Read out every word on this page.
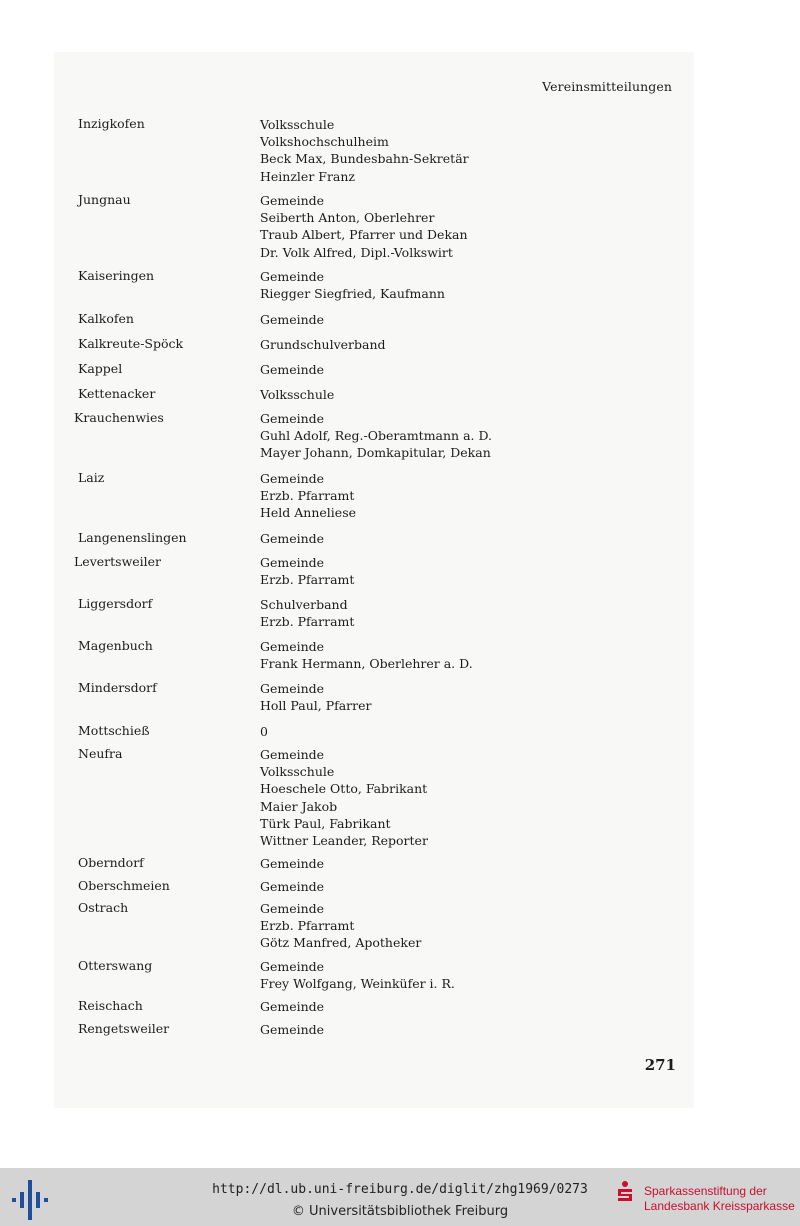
Vereinsmitteilungen
Inzigkofen	Volksschule
Volkshochschulheim
Beck Max, Bundesbahn-Sekretär
Heinzler Franz
Jungnau	Gemeinde
Seiberth Anton, Oberlehrer
Traub Albert, Pfarrer und Dekan
Dr. Volk Alfred, Dipl.-Volkswirt
Kaiseringen	Gemeinde
Riegger Siegfried, Kaufmann
Kalkofen	Gemeinde
Kalkreute-Spöck	Grundschulverband
Kappel	Gemeinde
Kettenacker	Volksschule
Krauchenwies	Gemeinde
Guhl Adolf, Reg.-Oberamtmann a. D.
Mayer Johann, Domkapitular, Dekan
Laiz	Gemeinde
Erzb. Pfarramt
Held Anneliese
Langenenslingen	Gemeinde
Levertsweiler	Gemeinde
Erzb. Pfarramt
Liggersdorf	Schulverband
Erzb. Pfarramt
Magenbuch	Gemeinde
Frank Hermann, Oberlehrer a. D.
Mindersdorf	Gemeinde
Holl Paul, Pfarrer
Mottschieß	0
Neufra	Gemeinde
Volksschule
Hoeschele Otto, Fabrikant
Maier Jakob
Türk Paul, Fabrikant
Wittner Leander, Reporter
Oberndorf	Gemeinde
Oberschmeien	Gemeinde
Ostrach	Gemeinde
Erzb. Pfarramt
Götz Manfred, Apotheker
Otterswang	Gemeinde
Frey Wolfgang, Weinküfer i. R.
Reischach	Gemeinde
Rengetsweiler	Gemeinde
271
http://dl.ub.uni-freiburg.de/diglit/zhg1969/0273
© Universitätsbibliothek Freiburg
Sparkassenstiftung der
Landesbank Kreissparkasse
